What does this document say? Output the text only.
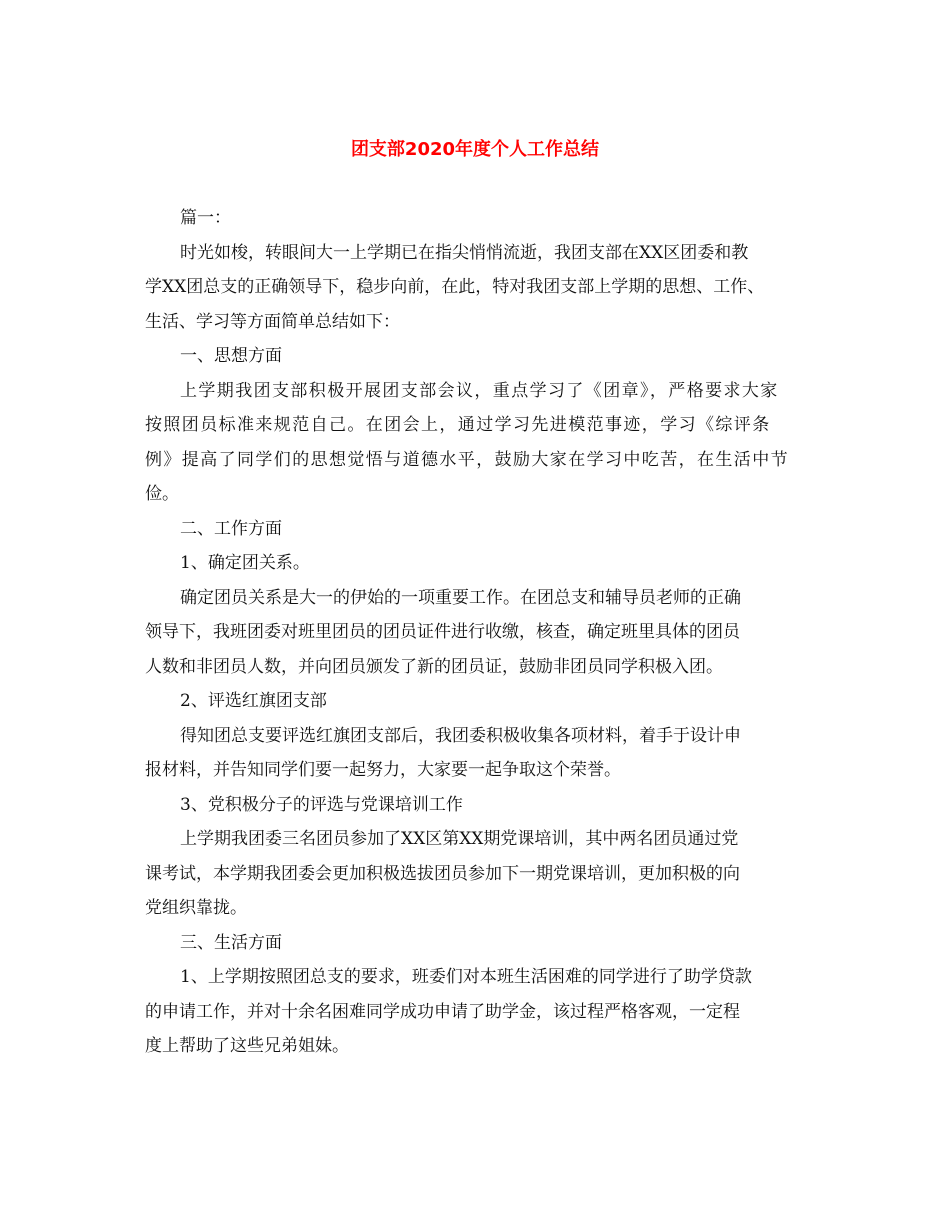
团支部2020年度个人工作总结
篇一：
时光如梭，转眼间大一上学期已在指尖悄悄流逝，我团支部在XX区团委和教
学XX团总支的正确领导下，稳步向前，在此，特对我团支部上学期的思想、工作、
生活、学习等方面简单总结如下：
一、思想方面
上学期我团支部积极开展团支部会议，重点学习了《团章》，严格要求大家
按照团员标准来规范自己。在团会上，通过学习先进模范事迹，学习《综评条
例》提高了同学们的思想觉悟与道德水平，鼓励大家在学习中吃苦，在生活中节
俭。
二、工作方面
1、确定团关系。
确定团员关系是大一的伊始的一项重要工作。在团总支和辅导员老师的正确
领导下，我班团委对班里团员的团员证件进行收缴，核查，确定班里具体的团员
人数和非团员人数，并向团员颁发了新的团员证，鼓励非团员同学积极入团。
2、评选红旗团支部
得知团总支要评选红旗团支部后，我团委积极收集各项材料，着手于设计申
报材料，并告知同学们要一起努力，大家要一起争取这个荣誉。
3、党积极分子的评选与党课培训工作
上学期我团委三名团员参加了XX区第XX期党课培训，其中两名团员通过党
课考试，本学期我团委会更加积极选拔团员参加下一期党课培训，更加积极的向
党组织靠拢。
三、生活方面
1、上学期按照团总支的要求，班委们对本班生活困难的同学进行了助学贷款
的申请工作，并对十余名困难同学成功申请了助学金，该过程严格客观，一定程
度上帮助了这些兄弟姐妹。
